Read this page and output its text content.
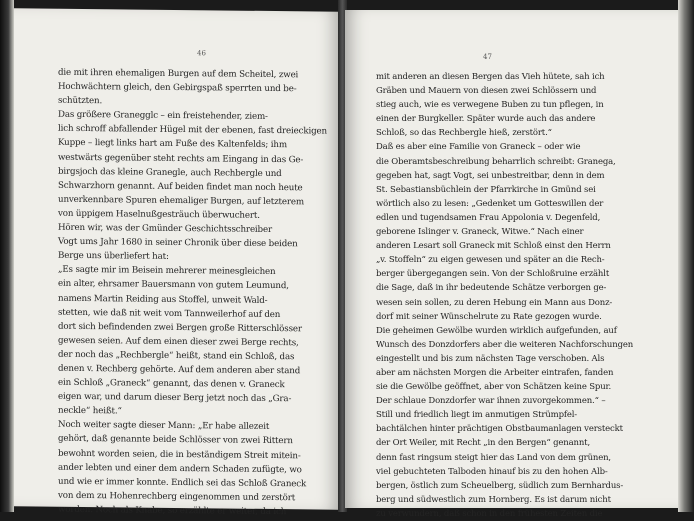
46
die mit ihren ehemaligen Burgen auf dem Scheitel, zwei
Hochwächtern gleich, den Gebirgspaß sperrten und be-
schützten.
Das größere Granegglc – ein freistehender, ziem-
lich schroff abfallender Hügel mit der ebenen, fast dreieckigen
Kuppe – liegt links hart am Fuße des Kaltenfelds; ihm
westwärts gegenüber steht rechts am Eingang in das Ge-
birgsjoch das kleine Granegle, auch Rechbergle und
Schwarzhorn genannt. Auf beiden findet man noch heute
unverkennbare Spuren ehemaliger Burgen, auf letzterem
von üppigem Haselnußgesträuch überwuchert.
Hören wir, was der Gmünder Geschichtsschreiber
Vogt ums Jahr 1680 in seiner Chronik über diese beiden
Berge uns überliefert hat:
„Es sagte mir im Beisein mehrerer meinesgleichen
ein alter, ehrsamer Bauersmann von gutem Leumund,
namens Martin Reiding aus Stoffel, unweit Wald-
stetten, wie daß nit weit vom Tannweilerhof auf den
dort sich befindenden zwei Bergen große Ritterschlösser
gewesen seien. Auf dem einen dieser zwei Berge rechts,
der noch das „Rechbergle“ heißt, stand ein Schloß, das
denen v. Rechberg gehörte. Auf dem anderen aber stand
ein Schloß „Graneck“ genannt, das denen v. Graneck
eigen war, und darum dieser Berg jetzt noch das „Gra-
neckle“ heißt.“
Noch weiter sagte dieser Mann: „Er habe allezeit
gehört, daß genannte beide Schlösser von zwei Rittern
bewohnt worden seien, die in beständigem Streit mitein-
ander lebten und einer dem andern Schaden zufügte, wo
und wie er immer konnte. Endlich sei das Schloß Graneck
von dem zu Hohenrechberg eingenommen und zerstört
worden. Noch als Knabe, so erzählte er weiter, da ich
47
mit anderen an diesen Bergen das Vieh hütete, sah ich
Gräben und Mauern von diesen zwei Schlössern und
stieg auch, wie es verwegene Buben zu tun pflegen, in
einen der Burgkeller. Später wurde auch das andere
Schloß, so das Rechbergle hieß, zerstört.“
Daß es aber eine Familie von Graneck – oder wie
die Oberamtsbeschreibung beharrlich schreibt: Granega,
gegeben hat, sagt Vogt, sei unbestreitbar, denn in dem
St. Sebastiansbüchlein der Pfarrkirche in Gmünd sei
wörtlich also zu lesen: „Gedenket um Gotteswillen der
edlen und tugendsamen Frau Appolonia v. Degenfeld,
geborene Islinger v. Graneck, Witwe.“ Nach einer
anderen Lesart soll Graneck mit Schloß einst den Herrn
„v. Stoffeln“ zu eigen gewesen und später an die Rech-
berger übergegangen sein. Von der Schloßruine erzählt
die Sage, daß in ihr bedeutende Schätze verborgen ge-
wesen sein sollen, zu deren Hebung ein Mann aus Donz-
dorf mit seiner Wünschelrute zu Rate gezogen wurde.
Die geheimen Gewölbe wurden wirklich aufgefunden, auf
Wunsch des Donzdorfers aber die weiteren Nachforschungen
eingestellt und bis zum nächsten Tage verschoben. Als
aber am nächsten Morgen die Arbeiter eintrafen, fanden
sie die Gewölbe geöffnet, aber von Schätzen keine Spur.
Der schlaue Donzdorfer war ihnen zuvorgekommen.“ –
Still und friedlich liegt im anmutigen Strümpfel-
bachtälchen hinter prächtigen Obstbaumanlagen versteckt
der Ort Weiler, mit Recht „in den Bergen“ genannt,
denn fast ringsum steigt hier das Land von dem grünen,
viel gebuchteten Talboden hinauf bis zu den hohen Alb-
bergen, östlich zum Scheuelberg, südlich zum Bernhardus-
berg und südwestlich zum Hornberg. Es ist darum nicht
zu verwundern, daß schon in den frühesten Zeiten die
